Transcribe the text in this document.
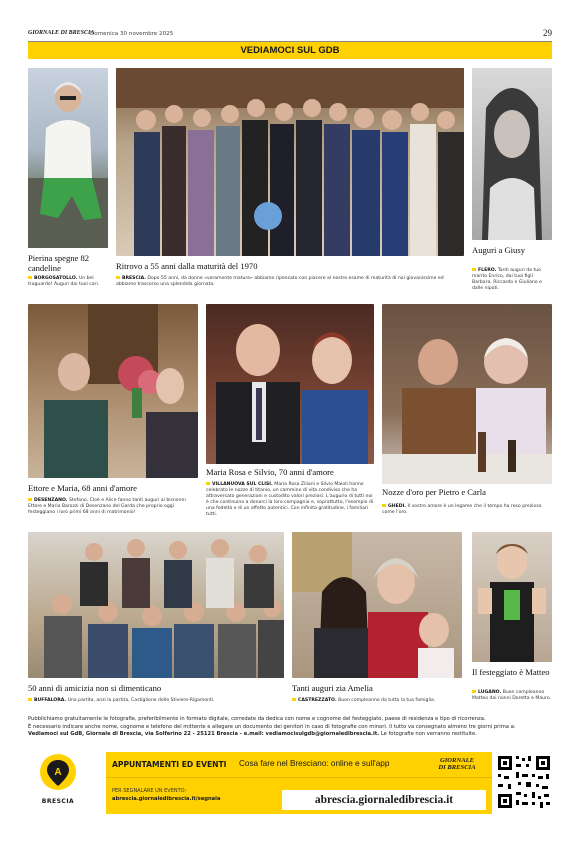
GIORNALE DI BRESCIA
Domenica 30 novembre 2025	29
VEDIAMOCI SUL GDB
Pierina spegne 82 candeline
BORGOSATOLLO. Un bel traguardo! Auguri dai tuoi cari.
Ritrovo a 55 anni dalla maturità del 1970
BRESCIA. Dopo 55 anni, da donne «veramente mature» abbiamo ripensato con piacere al nostro esame di maturità di noi giovanissime ed abbiamo trascorso una splendida giornata.
Auguri a Giusy
FLERO. Tanti auguri da tuo marito Enrico, dai tuoi figli Barbara, Riccardo e Giuliano e dalle nipoti.
Ettore e Maria, 68 anni d'amore
DESENZANO. Stefano, Cloè e Alice fanno tanti auguri ai bisnonni Ettore e Maria Barozzi di Desenzano del Garda che proprio oggi festeggiano i loro primi 68 anni di matrimonio!
Maria Rosa e Silvio, 70 anni d'amore
VILLANUOVA SUL CLISI. Maria Rosa Ziliani e Silvio Maioli hanno celebrato le nozze di titanio, un cammino di vita condiviso che ha attraversato generazioni e custodito valori preziosi. L'augurio di tutti noi è che continuino a donarci la loro compagnia e, soprattutto, l'esempio di una fedeltà e di un affetto autentici. Con infinita gratitudine, i familiari tutti.
Nozze d'oro per Pietro e Carla
GHEDI. Il vostro amore è un legame che il tempo ha reso prezioso come l'oro.
50 anni di amicizia non si dimenticano
BUFFALORA. Una partita, anzi la partita, Castiglione delle Stiviere-Rigamonti.
Tanti auguri zia Amelia
CASTREZZATO. Buon compleanno da tutta la tua famiglia.
Il festeggiato è Matteo
LUGANO. Buon compleanno Matteo dai nonni Doretta e Mauro.
Pubblichiamo gratuitamente le fotografie, preferibilmente in formato digitale, corredate da dedica con nome e cognome del festeggiato, paese di residenza e tipo di ricorrenza.
È necessario indicare anche nome, cognome e telefono del mittente e allegare un documento dei genitori in caso di fotografie con minori. Il tutto va consegnato almeno tre giorni prima a:
Vediamoci sul GdB, Giornale di Brescia, via Solferino 22 - 25121 Brescia - e.mail: vediamocisulgdb@giornaledibrescia.it. Le fotografie non verranno restituite.
A
BRESCIA
APPUNTAMENTI ED EVENTI Cosa fare nel Bresciano: online e sull'app	GIORNALE
DI BRESCIA
PER SEGNALARE UN EVENTO:
abrescia.giornaledibrescia.it/segnala	abrescia.giornaledibrescia.it
